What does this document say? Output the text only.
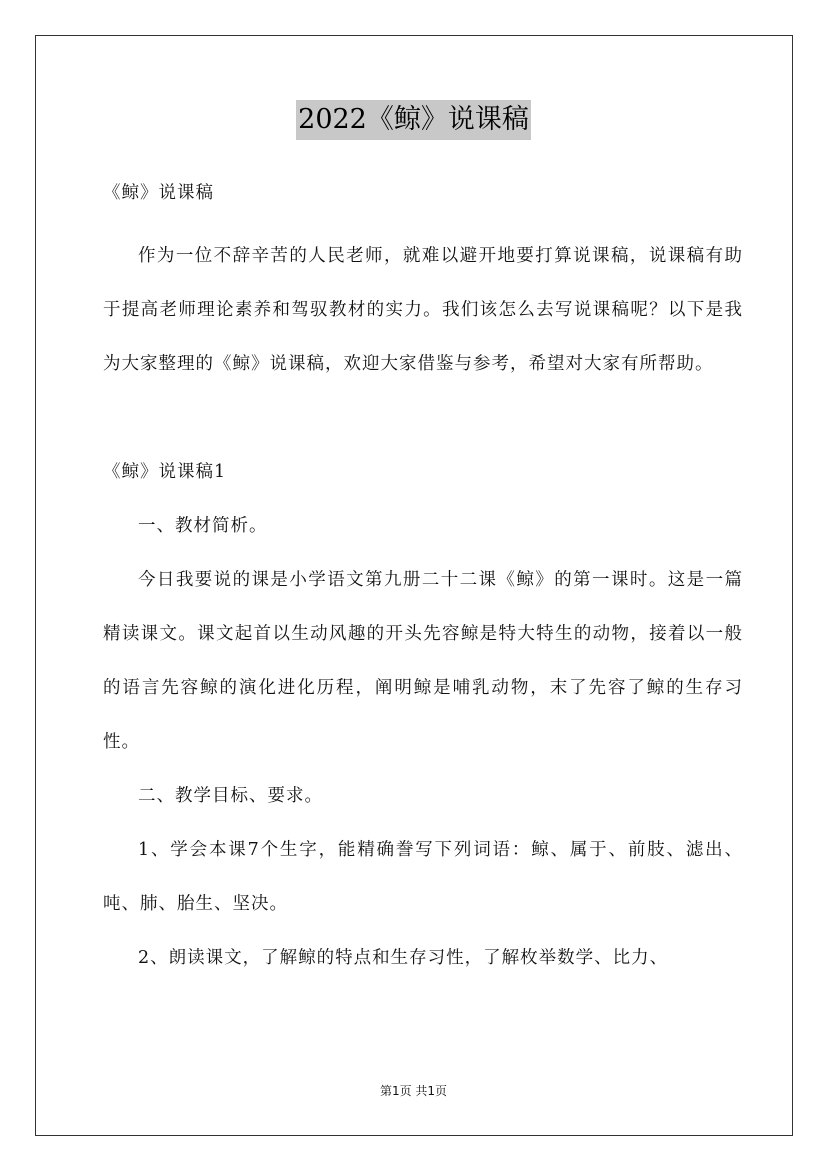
2022《鲸》说课稿
《鲸》说课稿

作为一位不辞辛苦的人民老师，就难以避开地要打算说课稿，说课稿有助于提高老师理论素养和驾驭教材的实力。我们该怎么去写说课稿呢？以下是我为大家整理的《鲸》说课稿，欢迎大家借鉴与参考，希望对大家有所帮助。

《鲸》说课稿1

一、教材简析。

今日我要说的课是小学语文第九册二十二课《鲸》的第一课时。这是一篇精读课文。课文起首以生动风趣的开头先容鲸是特大特生的动物，接着以一般的语言先容鲸的演化进化历程，阐明鲸是哺乳动物，末了先容了鲸的生存习性。

二、教学目标、要求。

1、学会本课7个生字，能精确誊写下列词语：鲸、属于、前肢、滤出、吨、肺、胎生、坚决。

2、朗读课文，了解鲸的特点和生存习性，了解枚举数学、比力、

第1页 共1页
